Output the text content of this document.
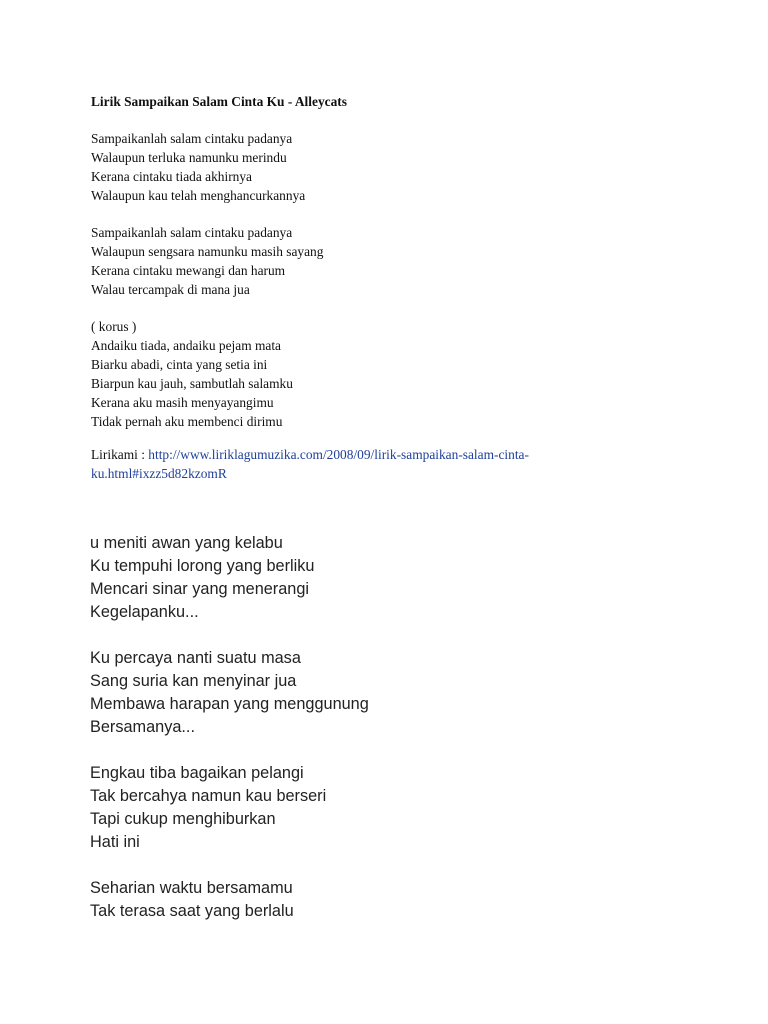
Lirik Sampaikan Salam Cinta Ku - Alleycats

Sampaikanlah salam cintaku padanya
Walaupun terluka namunku merindu
Kerana cintaku tiada akhirnya
Walaupun kau telah menghancurkannya

Sampaikanlah salam cintaku padanya
Walaupun sengsara namunku masih sayang
Kerana cintaku mewangi dan harum
Walau tercampak di mana jua

( korus )
Andaiku tiada, andaiku pejam mata
Biarku abadi, cinta yang setia ini
Biarpun kau jauh, sambutlah salamku
Kerana aku masih menyayangimu
Tidak pernah aku membenci dirimu

Lirikami : http://www.liriklagumuzika.com/2008/09/lirik-sampaikan-salam-cinta-
ku.html#ixzz5d82kzomR

u meniti awan yang kelabu
Ku tempuhi lorong yang berliku
Mencari sinar yang menerangi
Kegelapanku...
Ku percaya nanti suatu masa
Sang suria kan menyinar jua
Membawa harapan yang menggunung
Bersamanya...
Engkau tiba bagaikan pelangi
Tak bercahya namun kau berseri
Tapi cukup menghiburkan
Hati ini
Seharian waktu bersamamu
Tak terasa saat yang berlalu
